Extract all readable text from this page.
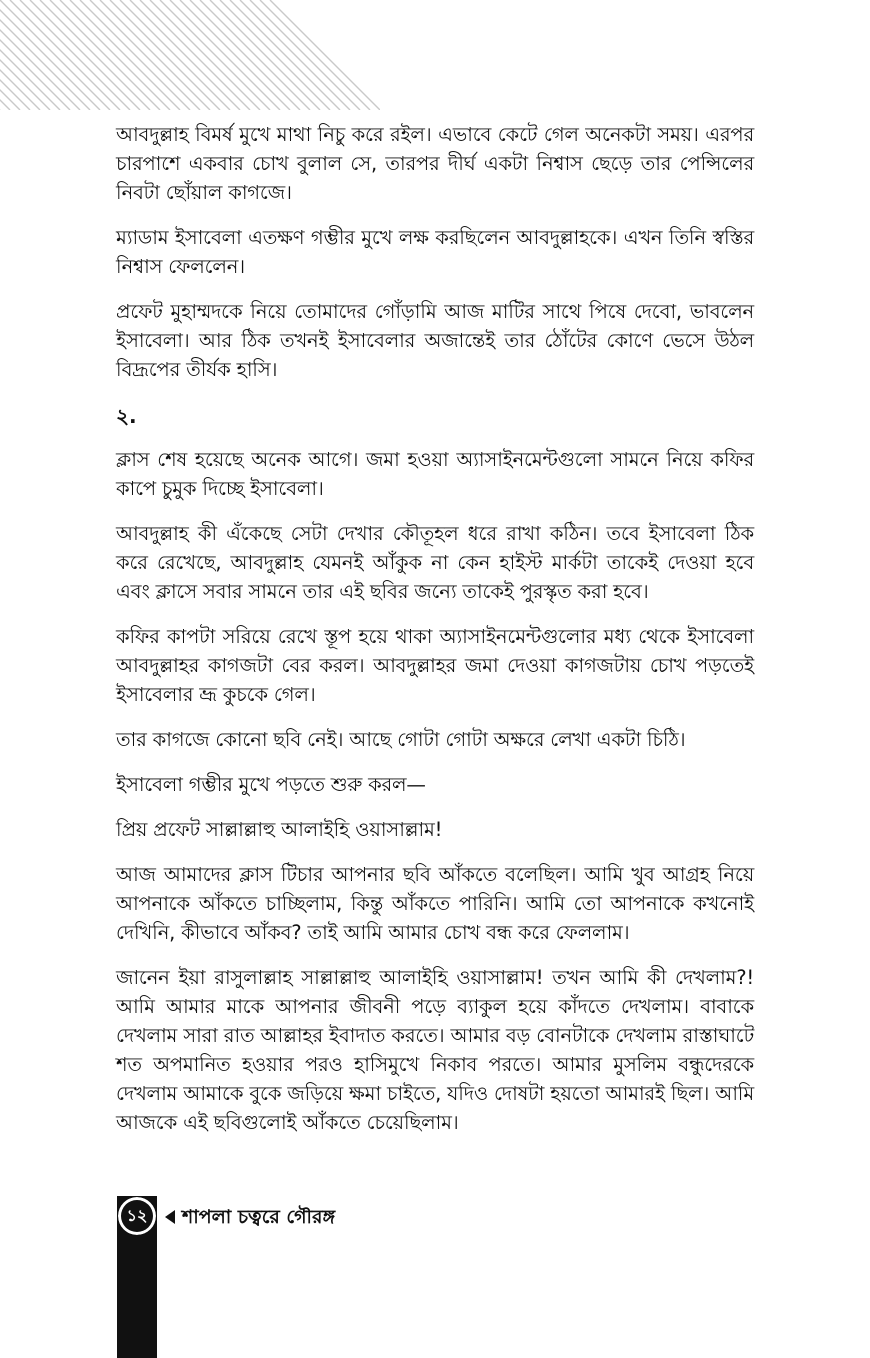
আবদুল্লাহ বিমর্ষ মুখে মাথা নিচু করে রইল। এভাবে কেটে গেল অনেকটা সময়। এরপর চারপাশে একবার চোখ বুলাল সে, তারপর দীর্ঘ একটা নিশ্বাস ছেড়ে তার পেন্সিলের নিবটা ছোঁয়াল কাগজে।

ম্যাডাম ইসাবেলা এতক্ষণ গম্ভীর মুখে লক্ষ করছিলেন আবদুল্লাহকে। এখন তিনি স্বস্তির নিশ্বাস ফেললেন।

প্রফেট মুহাম্মদকে নিয়ে তোমাদের গোঁড়ামি আজ মাটির সাথে পিষে দেবো, ভাবলেন ইসাবেলা। আর ঠিক তখনই ইসাবেলার অজান্তেই তার ঠোঁটের কোণে ভেসে উঠল বিদ্রূপের তীর্যক হাসি।

২.

ক্লাস শেষ হয়েছে অনেক আগে। জমা হওয়া অ্যাসাইনমেন্টগুলো সামনে নিয়ে কফির কাপে চুমুক দিচ্ছে ইসাবেলা।

আবদুল্লাহ কী এঁকেছে সেটা দেখার কৌতূহল ধরে রাখা কঠিন। তবে ইসাবেলা ঠিক করে রেখেছে, আবদুল্লাহ যেমনই আঁকুক না কেন হাইস্ট মার্কটা তাকেই দেওয়া হবে এবং ক্লাসে সবার সামনে তার এই ছবির জন্যে তাকেই পুরস্কৃত করা হবে।

কফির কাপটা সরিয়ে রেখে স্তূপ হয়ে থাকা অ্যাসাইনমেন্টগুলোর মধ্য থেকে ইসাবেলা আবদুল্লাহর কাগজটা বের করল। আবদুল্লাহর জমা দেওয়া কাগজটায় চোখ পড়তেই ইসাবেলার ভ্রূ কুচকে গেল।

তার কাগজে কোনো ছবি নেই। আছে গোটা গোটা অক্ষরে লেখা একটা চিঠি।

ইসাবেলা গম্ভীর মুখে পড়তে শুরু করল—

প্রিয় প্রফেট সাল্লাল্লাহু আলাইহি ওয়াসাল্লাম!

আজ আমাদের ক্লাস টিচার আপনার ছবি আঁকতে বলেছিল। আমি খুব আগ্রহ নিয়ে আপনাকে আঁকতে চাচ্ছিলাম, কিন্তু আঁকতে পারিনি। আমি তো আপনাকে কখনোই দেখিনি, কীভাবে আঁকব? তাই আমি আমার চোখ বন্ধ করে ফেললাম।

জানেন ইয়া রাসুলাল্লাহ সাল্লাল্লাহু আলাইহি ওয়াসাল্লাম! তখন আমি কী দেখলাম?! আমি আমার মাকে আপনার জীবনী পড়ে ব্যাকুল হয়ে কাঁদতে দেখলাম। বাবাকে দেখলাম সারা রাত আল্লাহর ইবাদাত করতে। আমার বড় বোনটাকে দেখলাম রাস্তাঘাটে শত অপমানিত হওয়ার পরও হাসিমুখে নিকাব পরতে। আমার মুসলিম বন্ধুদেরকে দেখলাম আমাকে বুকে জড়িয়ে ক্ষমা চাইতে, যদিও দোষটা হয়তো আমারই ছিল। আমি আজকে এই ছবিগুলোই আঁকতে চেয়েছিলাম।

১২ শাপলা চত্বরে গৌরঙ্গ
